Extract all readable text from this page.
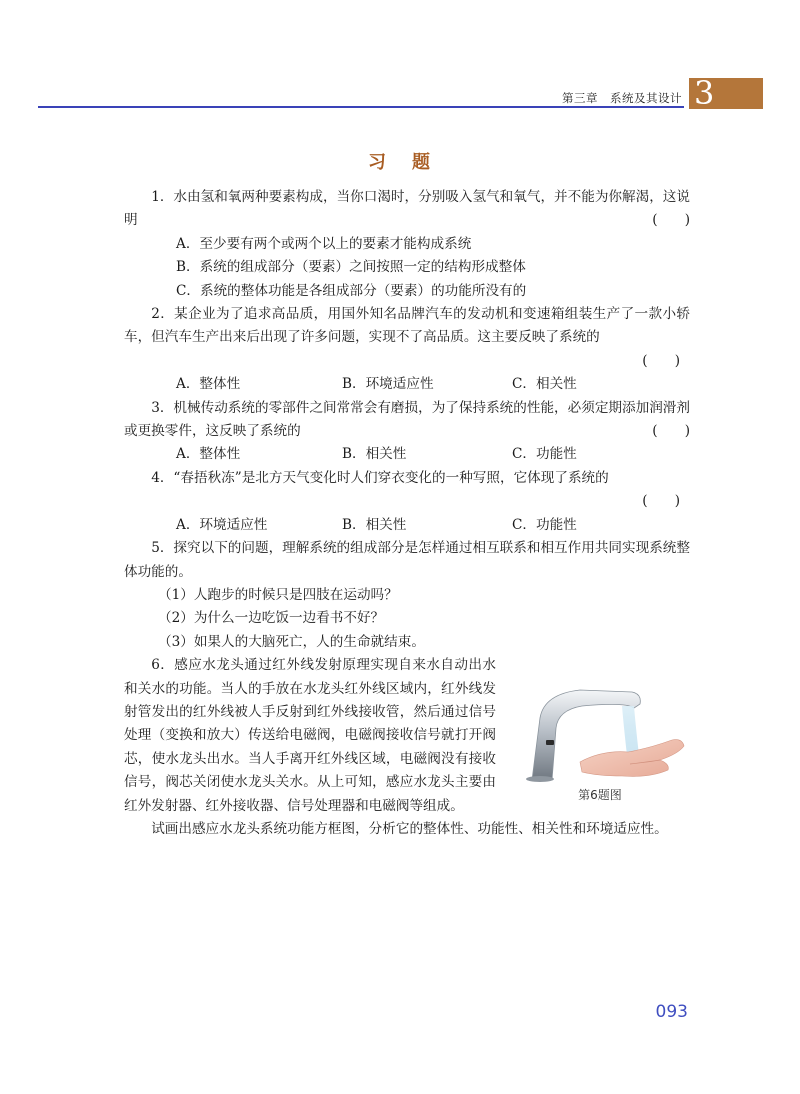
第三章　系统及其设计 3
习 题

1．水由氢和氧两种要素构成，当你口渴时，分别吸入氢气和氧气，并不能为你解渴，这说明	(　　)

A．至少要有两个或两个以上的要素才能构成系统

B．系统的组成部分（要素）之间按照一定的结构形成整体

C．系统的整体功能是各组成部分（要素）的功能所没有的

2．某企业为了追求高品质，用国外知名品牌汽车的发动机和变速箱组装生产了一款小轿车，但汽车生产出来后出现了许多问题，实现不了高品质。这主要反映了系统的

(　　)

A．整体性	B．环境适应性	C．相关性

3．机械传动系统的零部件之间常常会有磨损，为了保持系统的性能，必须定期添加润滑剂或更换零件，这反映了系统的	(　　)

A．整体性	B．相关性	C．功能性

4．“春捂秋冻”是北方天气变化时人们穿衣变化的一种写照，它体现了系统的

(　　)

A．环境适应性	B．相关性	C．功能性

5．探究以下的问题，理解系统的组成部分是怎样通过相互联系和相互作用共同实现系统整体功能的。

（1）人跑步的时候只是四肢在运动吗？

（2）为什么一边吃饭一边看书不好？

（3）如果人的大脑死亡，人的生命就结束。

6．感应水龙头通过红外线发射原理实现自来水自动出水和关水的功能。当人的手放在水龙头红外线区域内，红外线发射管发出的红外线被人手反射到红外线接收管，然后通过信号处理（变换和放大）传送给电磁阀，电磁阀接收信号就打开阀芯，使水龙头出水。当人手离开红外线区域，电磁阀没有接收信号，阀芯关闭使水龙头关水。从上可知，感应水龙头主要由红外发射器、红外接收器、信号处理器和电磁阀等组成。

试画出感应水龙头系统功能方框图，分析它的整体性、功能性、相关性和环境适应性。

第6题图
093
